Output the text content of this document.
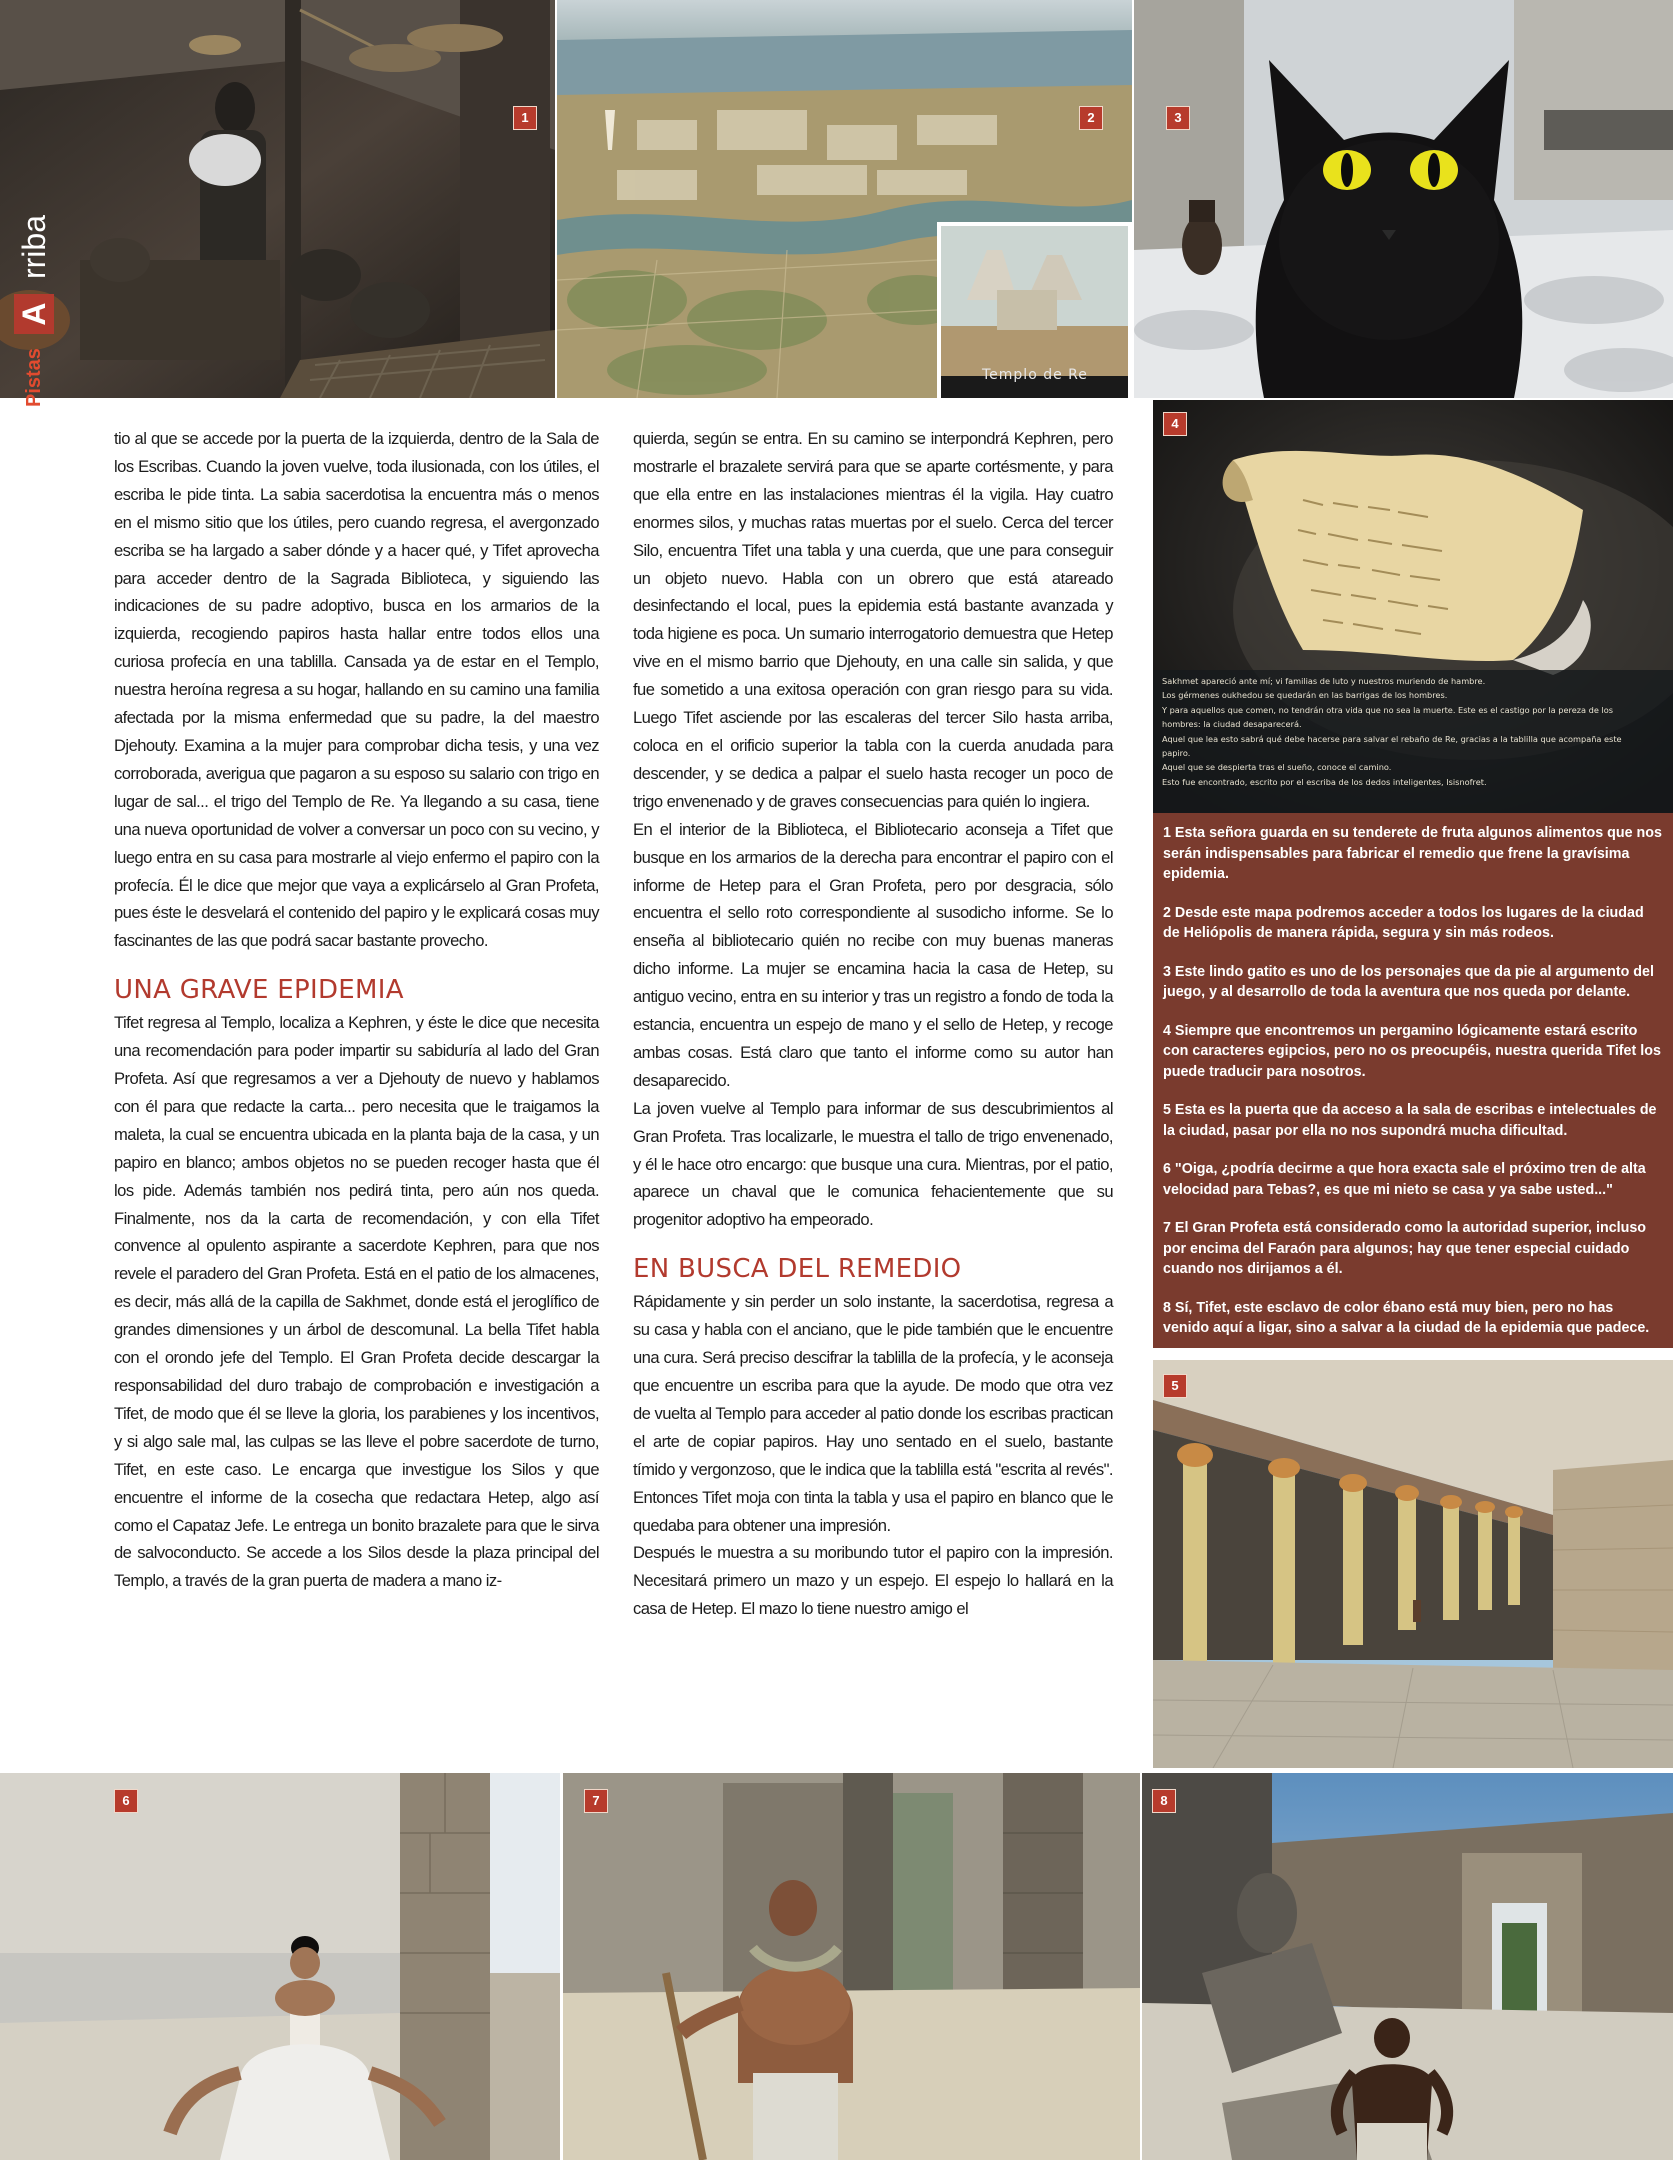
1
rriba
A
Pistas
2
Templo de Re
3
4
Sakhmet apareció ante mí; vi familias de luto y nuestros muriendo de hambre.
Los gérmenes oukhedou se quedarán en las barrigas de los hombres.
Y para aquellos que comen, no tendrán otra vida que no sea la muerte. Este es el castigo por la pereza de los
hombres: la ciudad desaparecerá.
Aquel que lea esto sabrá qué debe hacerse para salvar el rebaño de Re, gracias a la tablilla que acompaña este
papiro.
Aquel que se despierta tras el sueño, conoce el camino.
Esto fue encontrado, escrito por el escriba de los dedos inteligentes, Isisnofret.

1 Esta señora guarda en su tenderete de fruta algunos alimentos que nos serán indispensables para fabricar el remedio que frene la gravísima epidemia.

2 Desde este mapa podremos acceder a todos los lugares de la ciudad de Heliópolis de manera rápida, segura y sin más rodeos.

3 Este lindo gatito es uno de los personajes que da pie al argumento del juego, y al desarrollo de toda la aventura que nos queda por delante.

4 Siempre que encontremos un pergamino lógicamente estará escrito con caracteres egipcios, pero no os preocupéis, nuestra querida Tifet los puede traducir para nosotros.

5 Esta es la puerta que da acceso a la sala de escribas e intelectuales de la ciudad, pasar por ella no nos supondrá mucha dificultad.

6 "Oiga, ¿podría decirme a que hora exacta sale el próximo tren de alta velocidad para Tebas?, es que mi nieto se casa y ya sabe usted..."

7 El Gran Profeta está considerado como la autoridad superior, incluso por encima del Faraón para algunos; hay que tener especial cuidado cuando nos dirijamos a él.

8 Sí, Tifet, este esclavo de color ébano está muy bien, pero no has venido aquí a ligar, sino a salvar a la ciudad de la epidemia que padece.

5
6	7	8

tio al que se accede por la puerta de la izquierda, dentro de la Sala de los Escribas. Cuando la joven vuelve, toda ilusionada, con los útiles, el escriba le pide tinta. La sabia sacerdotisa la encuentra más o menos en el mismo sitio que los útiles, pero cuando regresa, el avergonzado escriba se ha largado a saber dónde y a hacer qué, y Tifet aprovecha para acceder dentro de la Sagrada Biblioteca, y siguiendo las indicaciones de su padre adoptivo, busca en los armarios de la izquierda, recogiendo papiros hasta hallar entre todos ellos una curiosa profecía en una tablilla. Cansada ya de estar en el Templo, nuestra heroína regresa a su hogar, hallando en su camino una familia afectada por la misma enfermedad que su padre, la del maestro Djehouty. Examina a la mujer para comprobar dicha tesis, y una vez corroborada, averigua que pagaron a su esposo su salario con trigo en lugar de sal... el trigo del Templo de Re. Ya llegando a su casa, tiene una nueva oportunidad de volver a conversar un poco con su vecino, y luego entra en su casa para mostrarle al viejo enfermo el papiro con la profecía. Él le dice que mejor que vaya a explicárselo al Gran Profeta, pues éste le desvelará el contenido del papiro y le explicará cosas muy fascinantes de las que podrá sacar bastante provecho.

UNA GRAVE EPIDEMIA

Tifet regresa al Templo, localiza a Kephren, y éste le dice que necesita una recomendación para poder impartir su sabiduría al lado del Gran Profeta. Así que regresamos a ver a Djehouty de nuevo y hablamos con él para que redacte la carta... pero necesita que le traigamos la maleta, la cual se encuentra ubicada en la planta baja de la casa, y un papiro en blanco; ambos objetos no se pueden recoger hasta que él los pide. Además también nos pedirá tinta, pero aún nos queda. Finalmente, nos da la carta de recomendación, y con ella Tifet convence al opulento aspirante a sacerdote Kephren, para que nos revele el paradero del Gran Profeta. Está en el patio de los almacenes, es decir, más allá de la capilla de Sakhmet, donde está el jeroglífico de grandes dimensiones y un árbol de descomunal. La bella Tifet habla con el orondo jefe del Templo. El Gran Profeta decide descargar la responsabilidad del duro trabajo de comprobación e investigación a Tifet, de modo que él se lleve la gloria, los parabienes y los incentivos, y si algo sale mal, las culpas se las lleve el pobre sacerdote de turno, Tifet, en este caso. Le encarga que investigue los Silos y que encuentre el informe de la cosecha que redactara Hetep, algo así como el Capataz Jefe. Le entrega un bonito brazalete para que le sirva de salvoconducto. Se accede a los Silos desde la plaza principal del Templo, a través de la gran puerta de madera a mano iz-

quierda, según se entra. En su camino se interpondrá Kephren, pero mostrarle el brazalete servirá para que se aparte cortésmente, y para que ella entre en las instalaciones mientras él la vigila. Hay cuatro enormes silos, y muchas ratas muertas por el suelo. Cerca del tercer Silo, encuentra Tifet una tabla y una cuerda, que une para conseguir un objeto nuevo. Habla con un obrero que está atareado desinfectando el local, pues la epidemia está bastante avanzada y toda higiene es poca. Un sumario interrogatorio demuestra que Hetep vive en el mismo barrio que Djehouty, en una calle sin salida, y que fue sometido a una exitosa operación con gran riesgo para su vida. Luego Tifet asciende por las escaleras del tercer Silo hasta arriba, coloca en el orificio superior la tabla con la cuerda anudada para descender, y se dedica a palpar el suelo hasta recoger un poco de trigo envenenado y de graves consecuencias para quién lo ingiera.

En el interior de la Biblioteca, el Bibliotecario aconseja a Tifet que busque en los armarios de la derecha para encontrar el papiro con el informe de Hetep para el Gran Profeta, pero por desgracia, sólo encuentra el sello roto correspondiente al susodicho informe. Se lo enseña al bibliotecario quién no recibe con muy buenas maneras dicho informe. La mujer se encamina hacia la casa de Hetep, su antiguo vecino, entra en su interior y tras un registro a fondo de toda la estancia, encuentra un espejo de mano y el sello de Hetep, y recoge ambas cosas. Está claro que tanto el informe como su autor han desaparecido.

La joven vuelve al Templo para informar de sus descubrimientos al Gran Profeta. Tras localizarle, le muestra el tallo de trigo envenenado, y él le hace otro encargo: que busque una cura. Mientras, por el patio, aparece un chaval que le comunica fehacientemente que su progenitor adoptivo ha empeorado.

EN BUSCA DEL REMEDIO

Rápidamente y sin perder un solo instante, la sacerdotisa, regresa a su casa y habla con el anciano, que le pide también que le encuentre una cura. Será preciso descifrar la tablilla de la profecía, y le aconseja que encuentre un escriba para que la ayude. De modo que otra vez de vuelta al Templo para acceder al patio donde los escribas practican el arte de copiar papiros. Hay uno sentado en el suelo, bastante tímido y vergonzoso, que le indica que la tablilla está "escrita al revés". Entonces Tifet moja con tinta la tabla y usa el papiro en blanco que le quedaba para obtener una impresión.

Después le muestra a su moribundo tutor el papiro con la impresión. Necesitará primero un mazo y un espejo. El espejo lo hallará en la casa de Hetep. El mazo lo tiene nuestro amigo el
